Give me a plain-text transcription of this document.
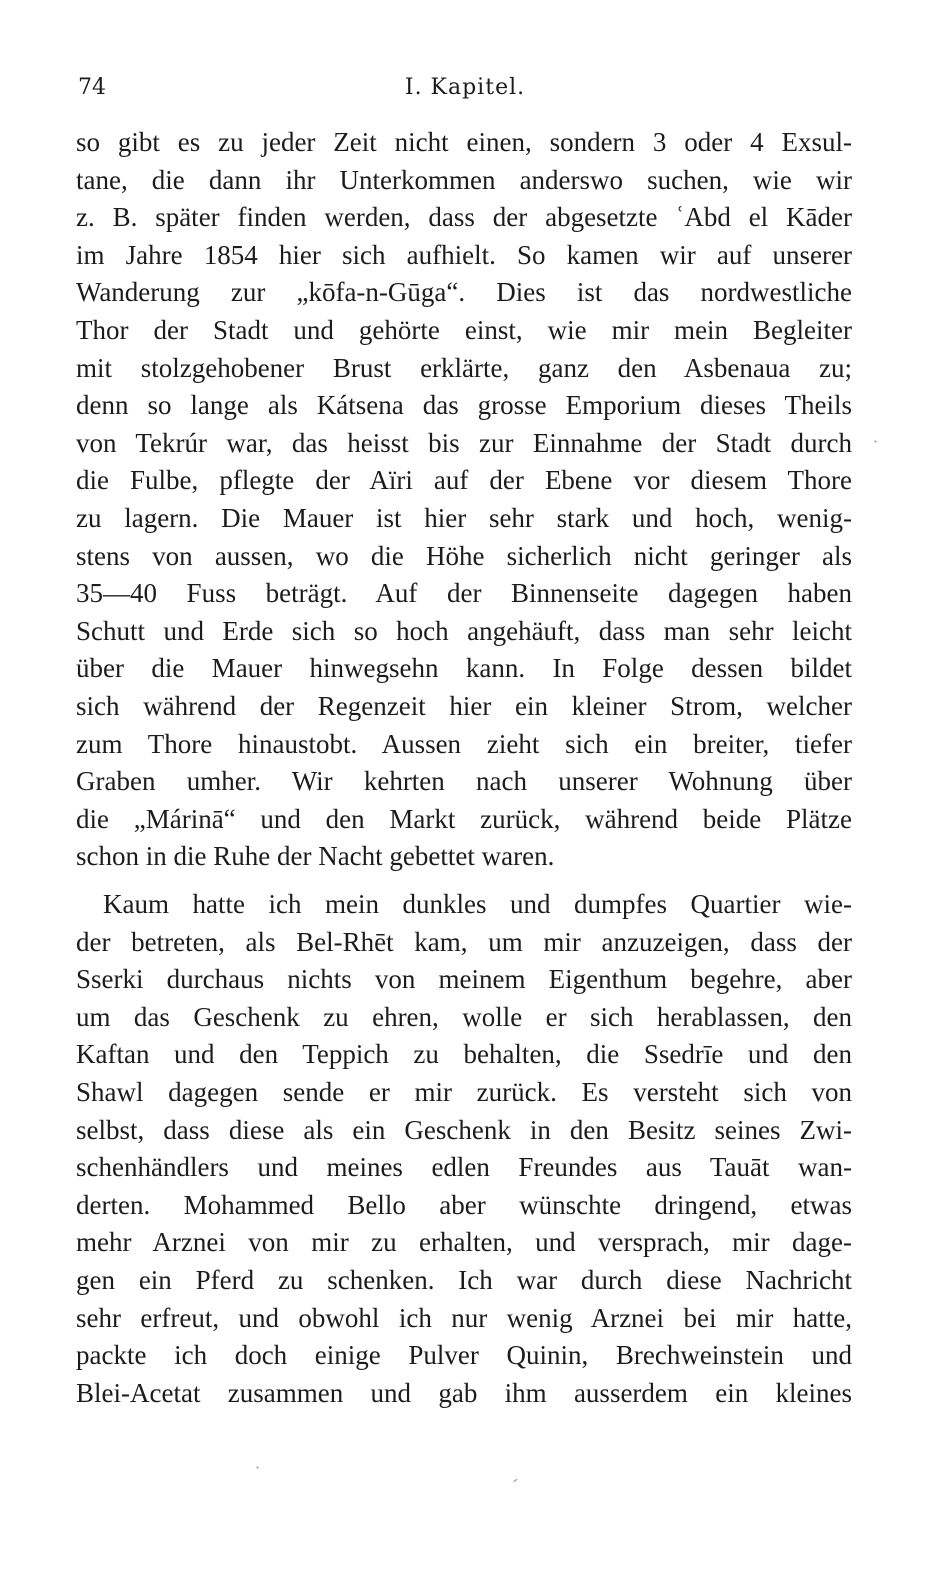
74	I. Kapitel.
so gibt es zu jeder Zeit nicht einen, sondern 3 oder 4 Exsul-
tane, die dann ihr Unterkommen anderswo suchen, wie wir
z. B. später finden werden, dass der abgesetzte ʿAbd el Kāder
im Jahre 1854 hier sich aufhielt. So kamen wir auf unserer
Wanderung zur „kōfa-n-Gūga“. Dies ist das nordwestliche
Thor der Stadt und gehörte einst, wie mir mein Begleiter
mit stolzgehobener Brust erklärte, ganz den Asbenaua zu;
denn so lange als Kátsena das grosse Emporium dieses Theils
von Tekrúr war, das heisst bis zur Einnahme der Stadt durch
die Fulbe, pflegte der Aïri auf der Ebene vor diesem Thore
zu lagern. Die Mauer ist hier sehr stark und hoch, wenig-
stens von aussen, wo die Höhe sicherlich nicht geringer als
35—40 Fuss beträgt. Auf der Binnenseite dagegen haben
Schutt und Erde sich so hoch angehäuft, dass man sehr leicht
über die Mauer hinwegsehn kann. In Folge dessen bildet
sich während der Regenzeit hier ein kleiner Strom, welcher
zum Thore hinaustobt. Aussen zieht sich ein breiter, tiefer
Graben umher. Wir kehrten nach unserer Wohnung über
die „Márinā“ und den Markt zurück, während beide Plätze
schon in die Ruhe der Nacht gebettet waren.
Kaum hatte ich mein dunkles und dumpfes Quartier wie-
der betreten, als Bel-Rhēt kam, um mir anzuzeigen, dass der
Sserki durchaus nichts von meinem Eigenthum begehre, aber
um das Geschenk zu ehren, wolle er sich herablassen, den
Kaftan und den Teppich zu behalten, die Ssedrīe und den
Shawl dagegen sende er mir zurück. Es versteht sich von
selbst, dass diese als ein Geschenk in den Besitz seines Zwi-
schenhändlers und meines edlen Freundes aus Tauāt wan-
derten. Mohammed Bello aber wünschte dringend, etwas
mehr Arznei von mir zu erhalten, und versprach, mir dage-
gen ein Pferd zu schenken. Ich war durch diese Nachricht
sehr erfreut, und obwohl ich nur wenig Arznei bei mir hatte,
packte ich doch einige Pulver Quinin, Brechweinstein und
Blei-Acetat zusammen und gab ihm ausserdem ein kleines
·
·
-
